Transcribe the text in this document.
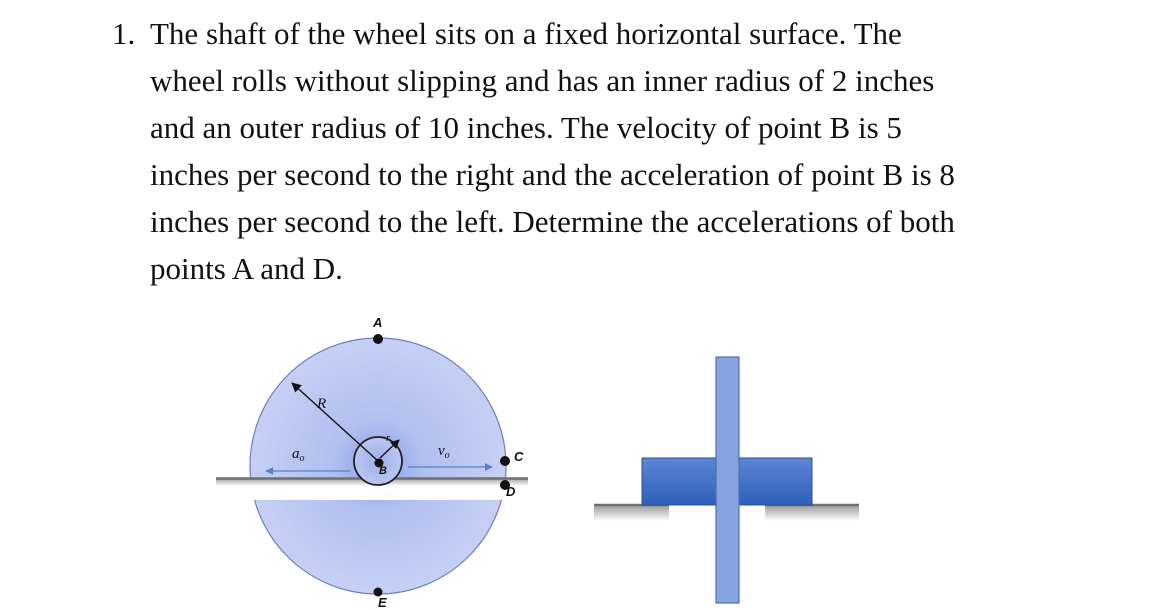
1. The shaft of the wheel sits on a fixed horizontal surface. The
wheel rolls without slipping and has an inner radius of 2 inches
and an outer radius of 10 inches. The velocity of point B is 5
inches per second to the right and the acceleration of point B is 8
inches per second to the left. Determine the accelerations of both
points A and D.
R
r
A
B
C
D
E
$a_o$	$v_o$
